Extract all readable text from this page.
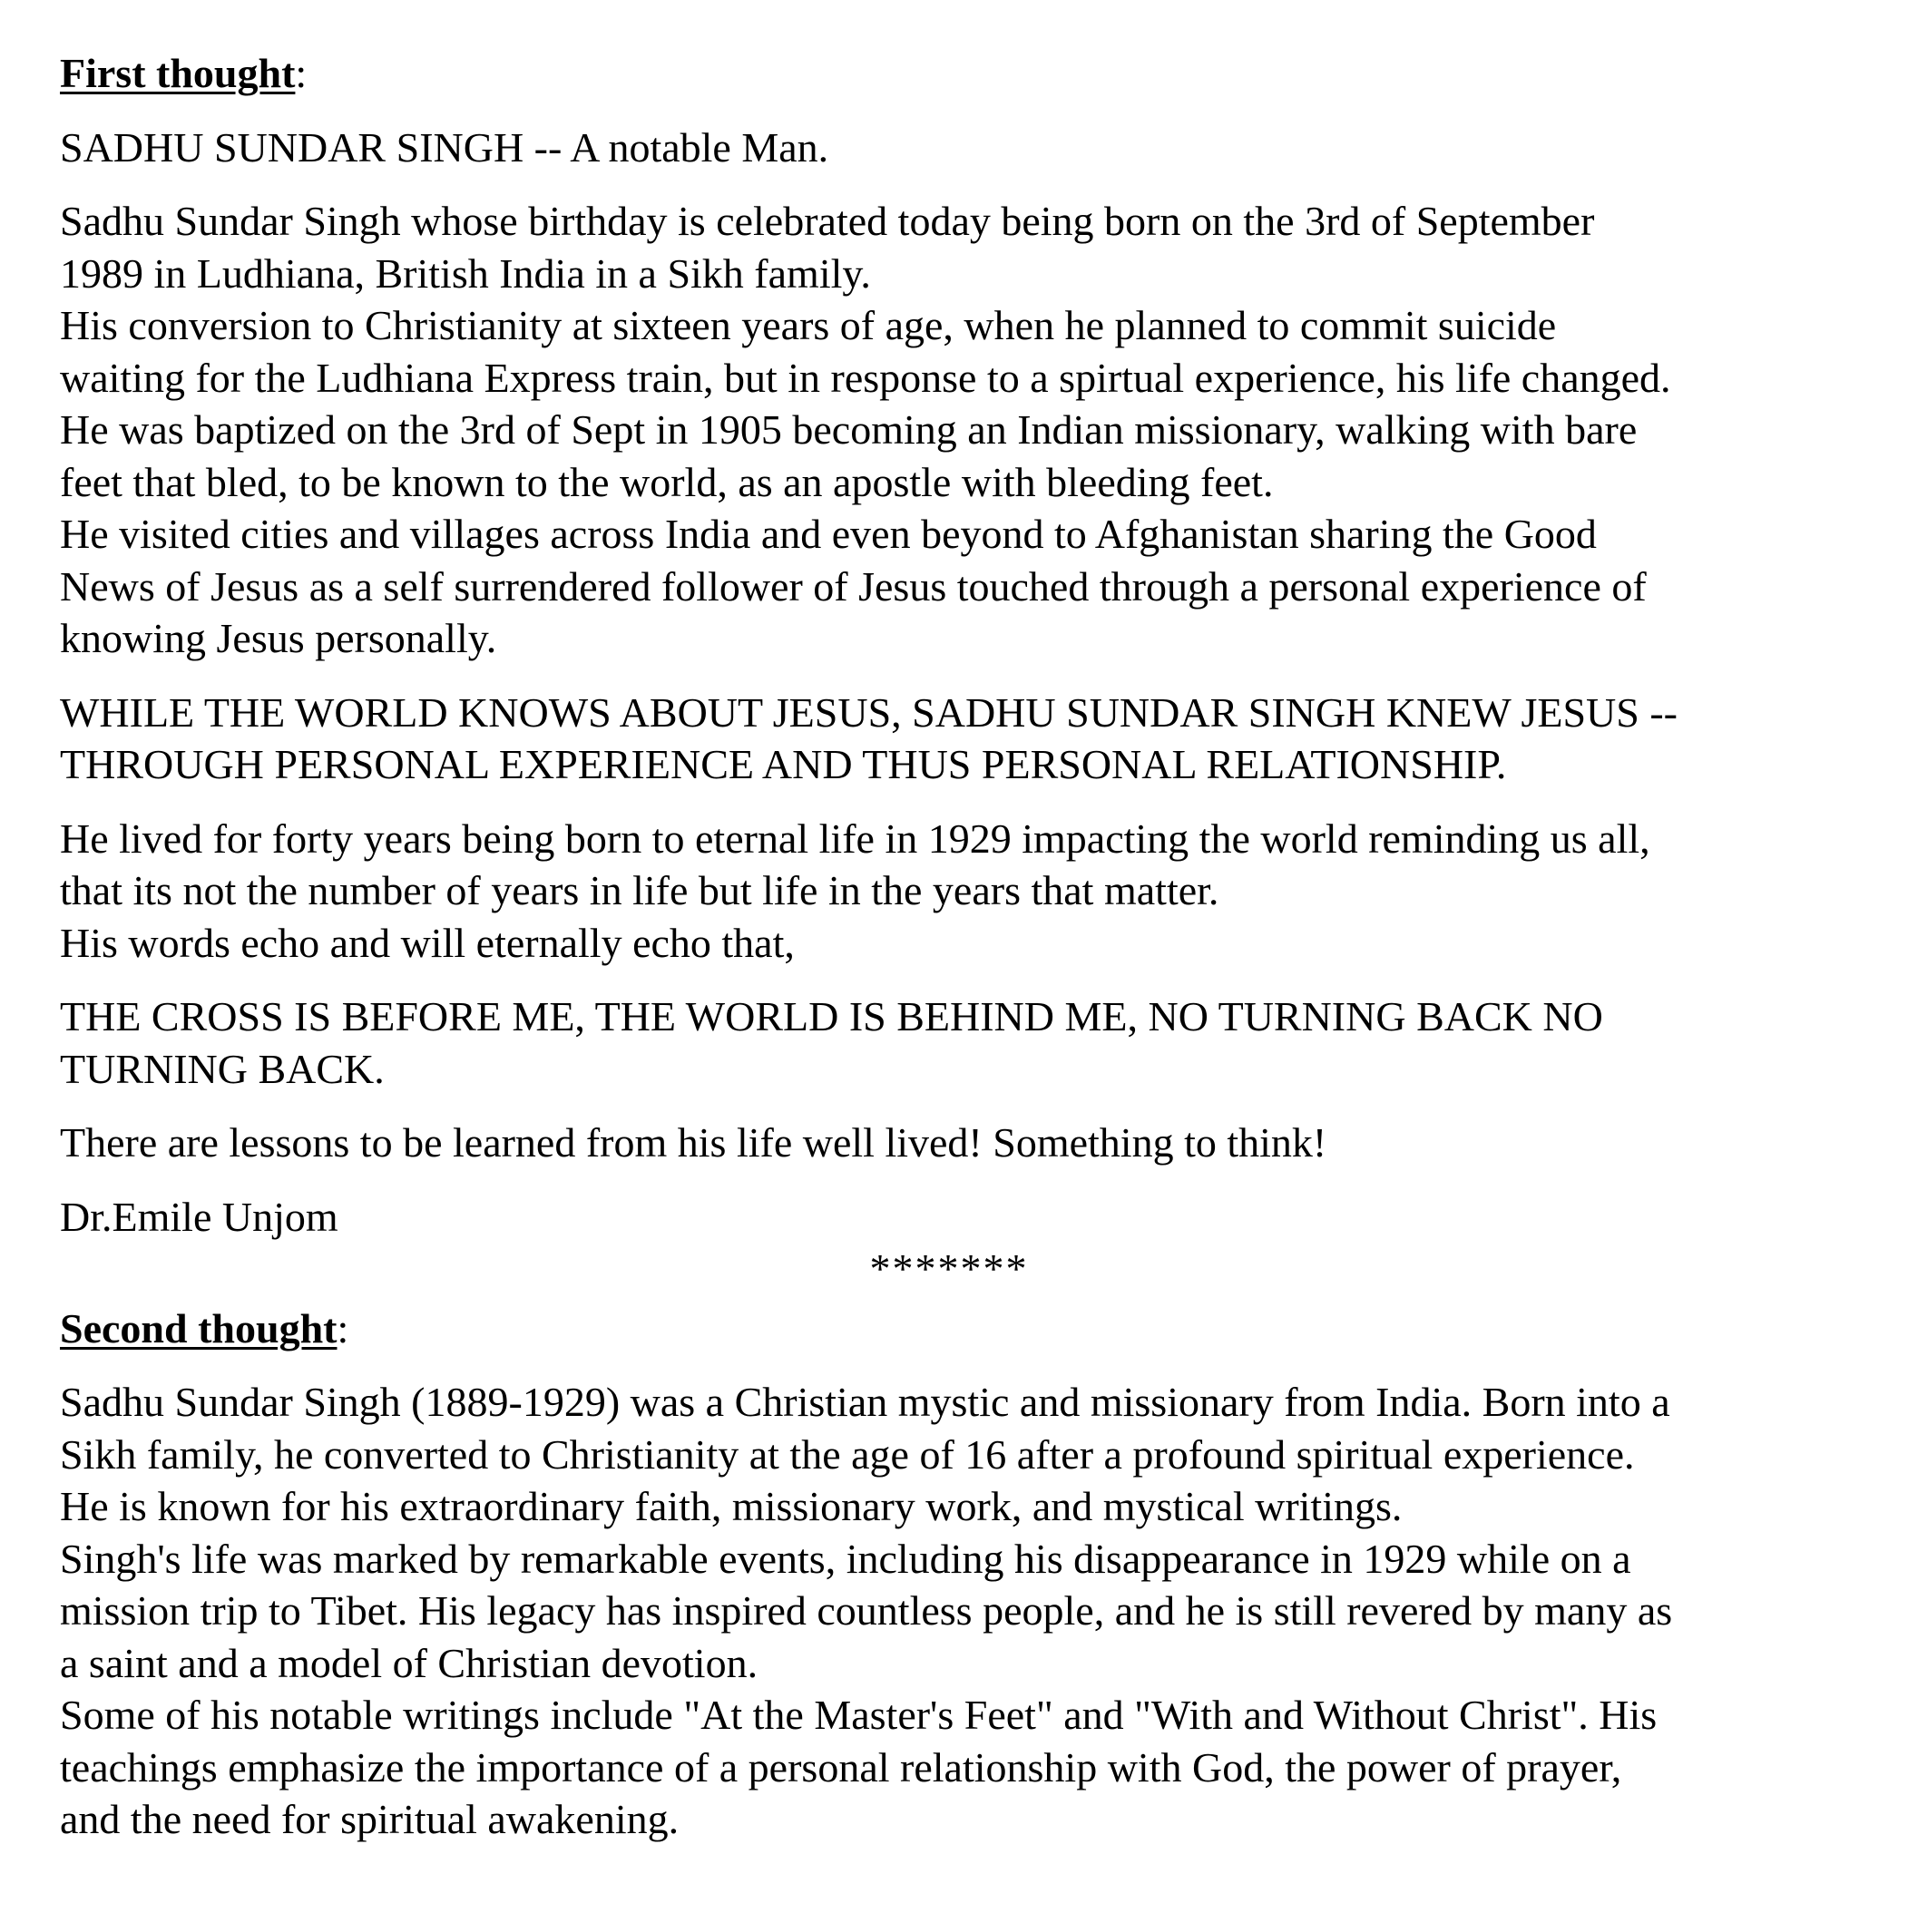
First thought:
SADHU SUNDAR SINGH -- A notable Man.
Sadhu Sundar Singh whose birthday is celebrated today being born on the 3rd of September
1989 in Ludhiana, British India in a Sikh family.
His conversion to Christianity at sixteen years of age, when he planned to commit suicide
waiting for the Ludhiana Express train, but in response to a spirtual experience, his life changed.
He was baptized on the 3rd of Sept in 1905 becoming an Indian missionary, walking with bare
feet that bled, to be known to the world, as an apostle with bleeding feet.
He visited cities and villages across India and even beyond to Afghanistan sharing the Good
News of Jesus as a self surrendered follower of Jesus touched through a personal experience of
knowing Jesus personally.
WHILE THE WORLD KNOWS ABOUT JESUS, SADHU SUNDAR SINGH KNEW JESUS --
THROUGH PERSONAL EXPERIENCE AND THUS PERSONAL RELATIONSHIP.
He lived for forty years being born to eternal life in 1929 impacting the world reminding us all,
that its not the number of years in life but life in the years that matter.
His words echo and will eternally echo that,
THE CROSS IS BEFORE ME, THE WORLD IS BEHIND ME, NO TURNING BACK NO
TURNING BACK.
There are lessons to be learned from his life well lived! Something to think!
Dr.Emile Unjom
*******
Second thought:
Sadhu Sundar Singh (1889-1929) was a Christian mystic and missionary from India. Born into a
Sikh family, he converted to Christianity at the age of 16 after a profound spiritual experience.
He is known for his extraordinary faith, missionary work, and mystical writings.
Singh's life was marked by remarkable events, including his disappearance in 1929 while on a
mission trip to Tibet. His legacy has inspired countless people, and he is still revered by many as
a saint and a model of Christian devotion.
Some of his notable writings include "At the Master's Feet" and "With and Without Christ". His
teachings emphasize the importance of a personal relationship with God, the power of prayer,
and the need for spiritual awakening.
